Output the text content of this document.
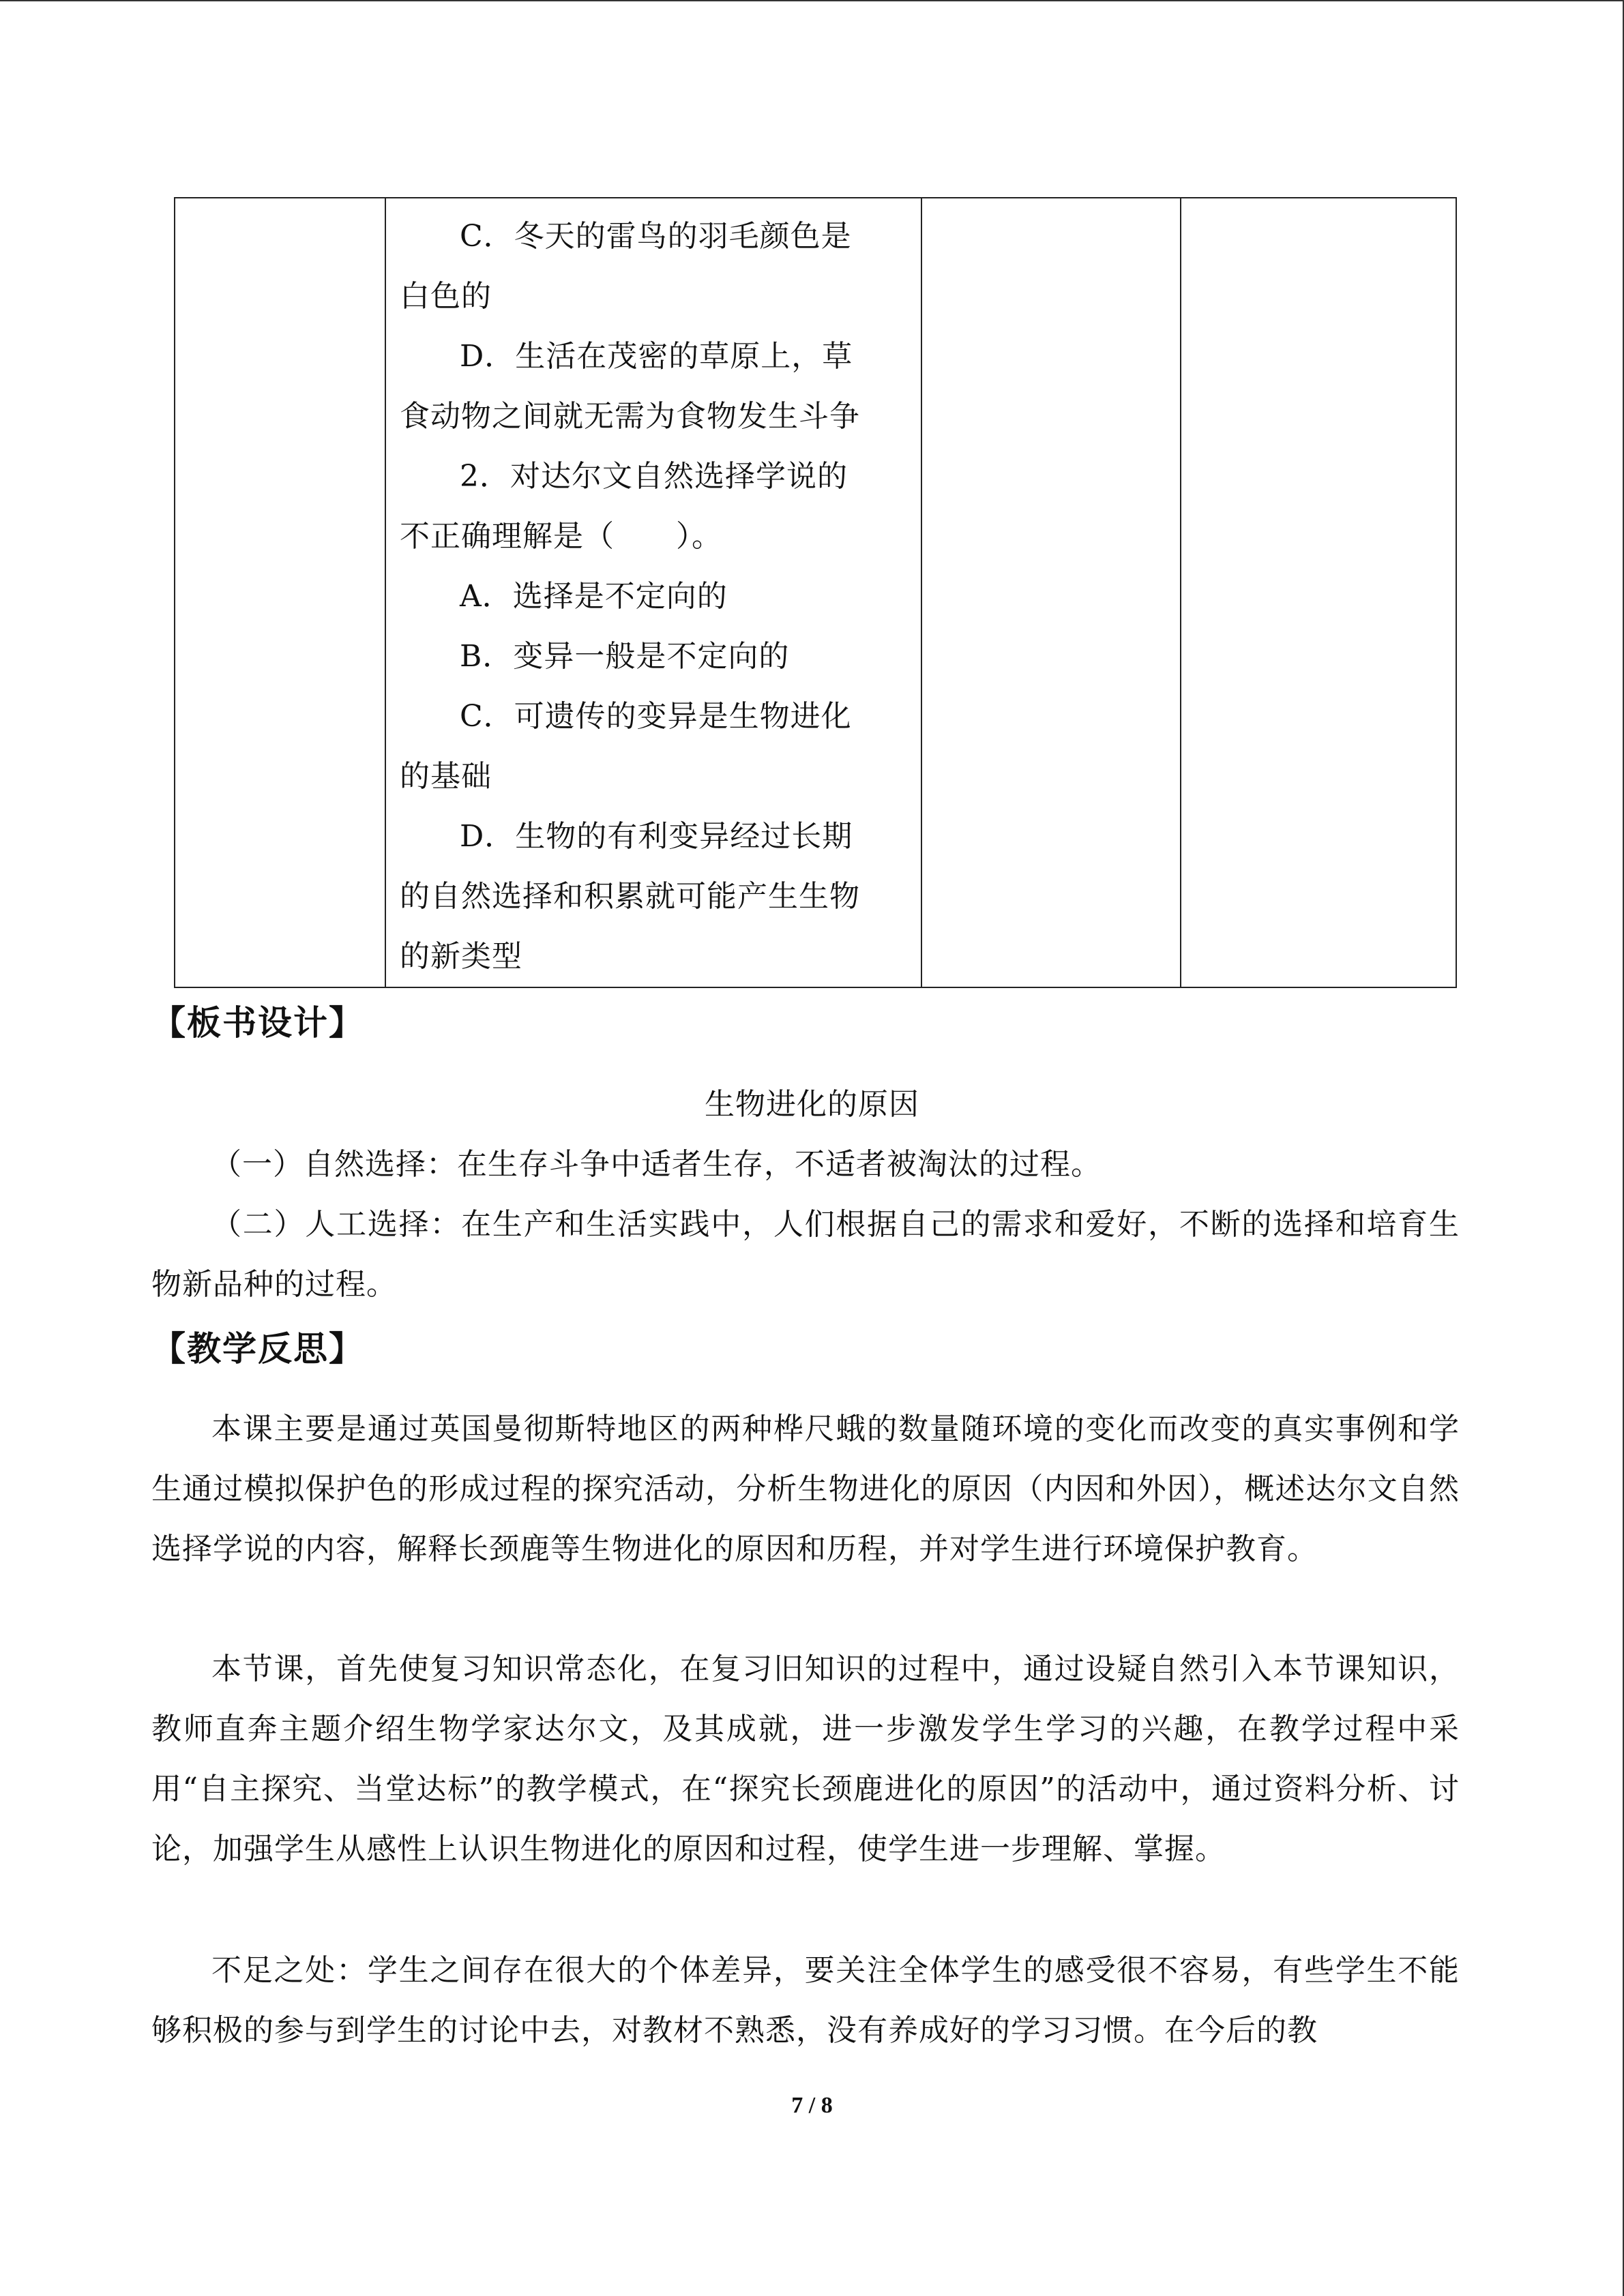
C．冬天的雷鸟的羽毛颜色是

白色的

D．生活在茂密的草原上，草

食动物之间就无需为食物发生斗争

2．对达尔文自然选择学说的

不正确理解是（　　）。

A．选择是不定向的

B．变异一般是不定向的

C．可遗传的变异是生物进化

的基础

D．生物的有利变异经过长期

的自然选择和积累就可能产生生物

的新类型

【板书设计】
生物进化的原因

（一）自然选择：在生存斗争中适者生存，不适者被淘汰的过程。

（二）人工选择：在生产和生活实践中，人们根据自己的需求和爱好，不断的选择和培育生物新品种的过程。

【教学反思】

本课主要是通过英国曼彻斯特地区的两种桦尺蛾的数量随环境的变化而改变的真实事例和学生通过模拟保护色的形成过程的探究活动，分析生物进化的原因（内因和外因），概述达尔文自然选择学说的内容，解释长颈鹿等生物进化的原因和历程，并对学生进行环境保护教育。

本节课，首先使复习知识常态化，在复习旧知识的过程中，通过设疑自然引入本节课知识，教师直奔主题介绍生物学家达尔文，及其成就，进一步激发学生学习的兴趣，在教学过程中采用“自主探究、当堂达标”的教学模式，在“探究长颈鹿进化的原因”的活动中，通过资料分析、讨论，加强学生从感性上认识生物进化的原因和过程，使学生进一步理解、掌握。

不足之处：学生之间存在很大的个体差异，要关注全体学生的感受很不容易，有些学生不能够积极的参与到学生的讨论中去，对教材不熟悉，没有养成好的学习习惯。在今后的教

7 / 8
